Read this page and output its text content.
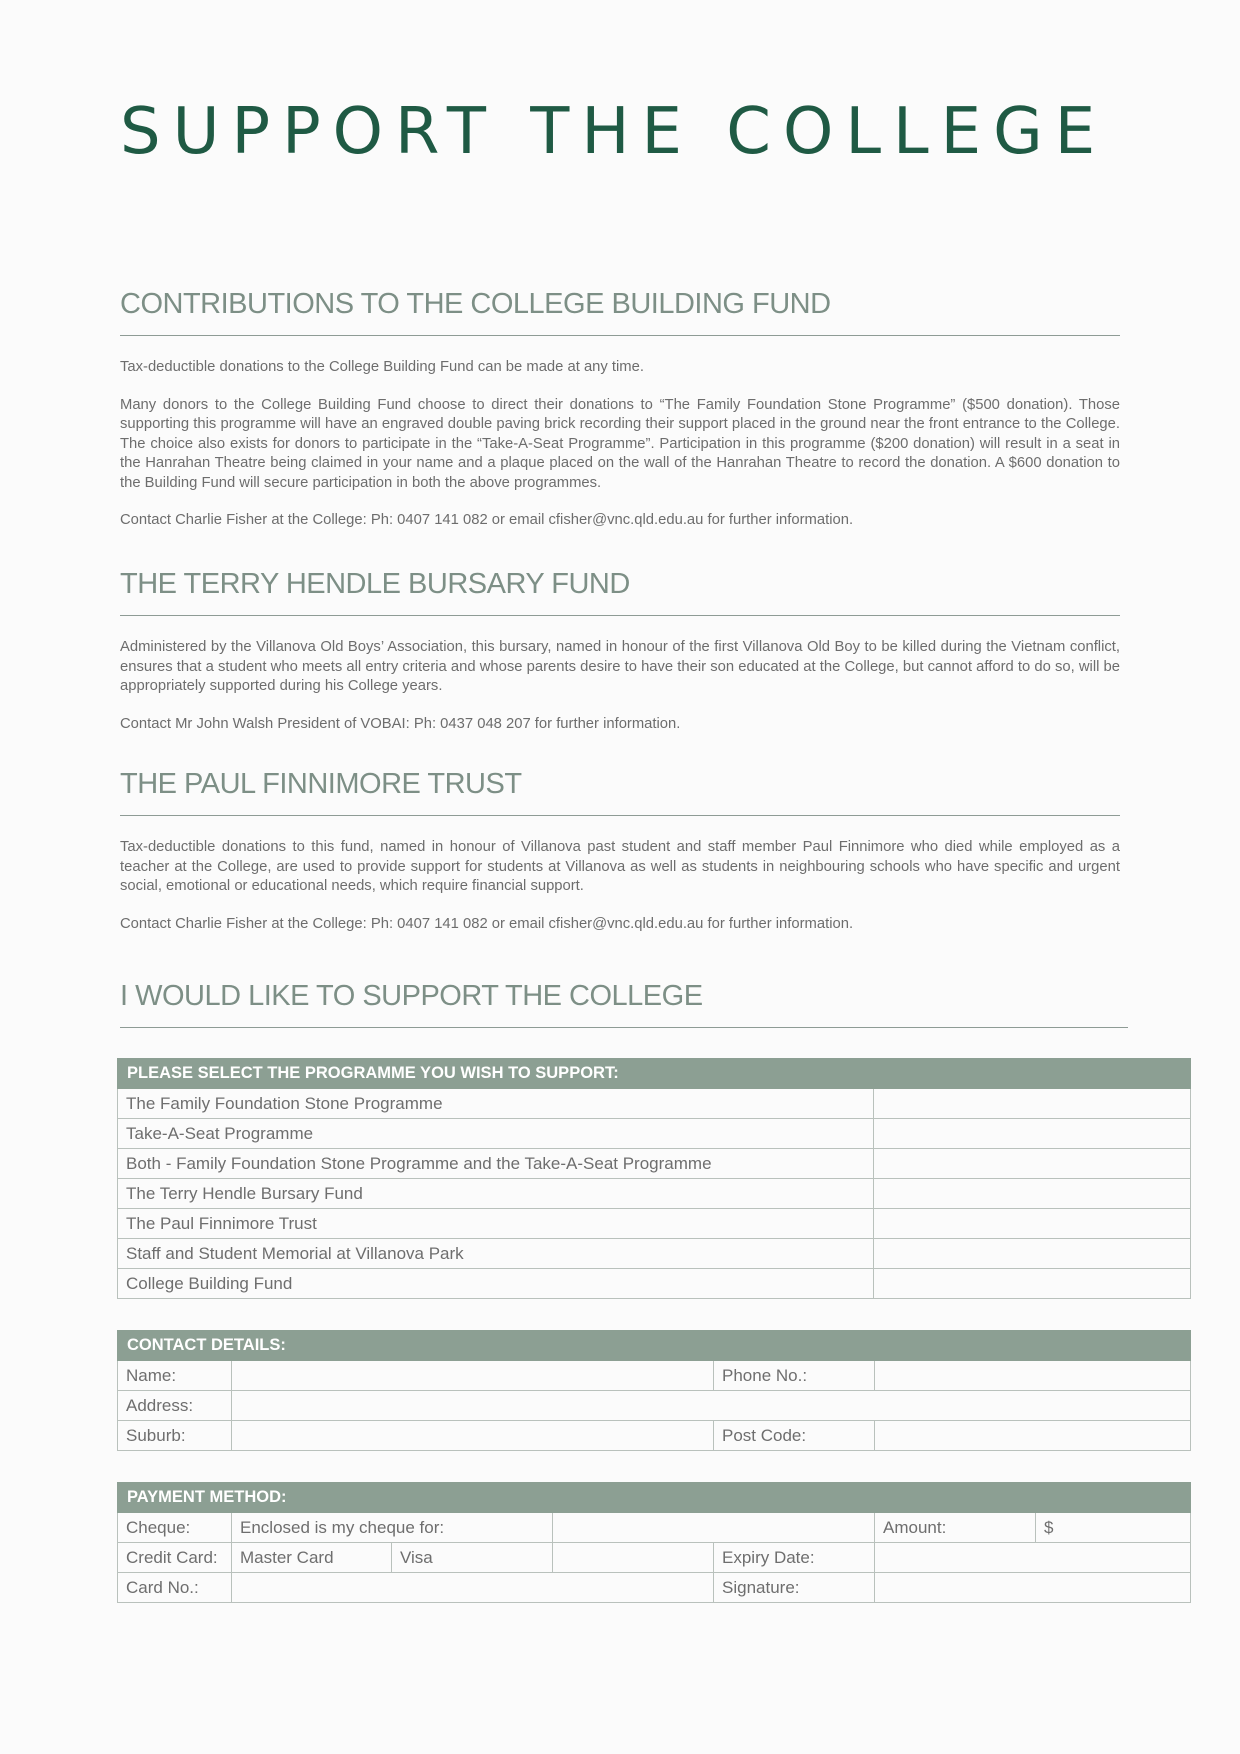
SUPPORT THE COLLEGE
CONTRIBUTIONS TO THE COLLEGE BUILDING FUND

Tax-deductible donations to the College Building Fund can be made at any time.

Many donors to the College Building Fund choose to direct their donations to “The Family Foundation Stone Programme” ($500 donation). Those supporting this programme will have an engraved double paving brick recording their support placed in the ground near the front entrance to the College. The choice also exists for donors to participate in the “Take-A-Seat Programme”. Participation in this programme ($200 donation) will result in a seat in the Hanrahan Theatre being claimed in your name and a plaque placed on the wall of the Hanrahan Theatre to record the donation. A $600 donation to the Building Fund will secure participation in both the above programmes.

Contact Charlie Fisher at the College: Ph: 0407 141 082 or email cfisher@vnc.qld.edu.au for further information.

THE TERRY HENDLE BURSARY FUND

Administered by the Villanova Old Boys’ Association, this bursary, named in honour of the first Villanova Old Boy to be killed during the Vietnam conflict, ensures that a student who meets all entry criteria and whose parents desire to have their son educated at the College, but cannot afford to do so, will be appropriately supported during his College years.

Contact Mr John Walsh President of VOBAI: Ph: 0437 048 207 for further information.

THE PAUL FINNIMORE TRUST

Tax-deductible donations to this fund, named in honour of Villanova past student and staff member Paul Finnimore who died while employed as a teacher at the College, are used to provide support for students at Villanova as well as students in neighbouring schools who have specific and urgent social, emotional or educational needs, which require financial support.

Contact Charlie Fisher at the College: Ph: 0407 141 082 or email cfisher@vnc.qld.edu.au for further information.

I WOULD LIKE TO SUPPORT THE COLLEGE
PLEASE SELECT THE PROGRAMME YOU WISH TO SUPPORT:	
The Family Foundation Stone Programme	
Take-A-Seat Programme	
Both - Family Foundation Stone Programme and the Take-A-Seat Programme	
The Terry Hendle Bursary Fund	
The Paul Finnimore Trust	
Staff and Student Memorial at Villanova Park	
College Building Fund	
CONTACT DETAILS:			
Name:		Phone No.:	
Address:			
Suburb:		Post Code:	
PAYMENT METHOD:						
Cheque:	Enclosed is my cheque for:				Amount:	$
Credit Card:	Master Card	Visa		Expiry Date:		
Card No.:				Signature:		
